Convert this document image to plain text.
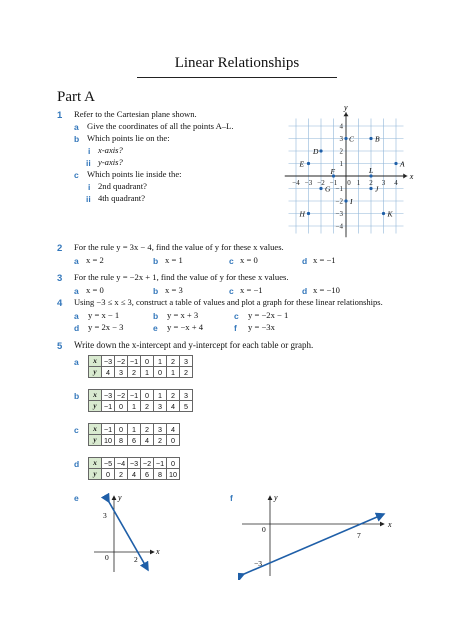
Linear Relationships
Part A
1 Refer to the Cartesian plane shown.
a Give the coordinates of all the points A–L.
b Which points lie on the:
i x-axis?
ii y-axis?
c Which points lie inside the:
i 2nd quadrant?
ii 4th quadrant?
x
y
−4 −3 −2 −1 0 1 2 3 4
4
3
2
1
−1
−2
−3
−4
A
B
C
D
E
F
G
H
I
J
K
L
2 For the rule y = 3x − 4, find the value of y for these x values.
a x = 2	b x = 1	c x = 0	d x = −1
3 For the rule y = −2x + 1, find the value of y for these x values.
a x = 0	b x = 3	c x = −1	d x = −10
4 Using −3 ≤ x ≤ 3, construct a table of values and plot a graph for these linear relationships.
a y = x − 1	b y = x + 3	c y = −2x − 1
d y = 2x − 3	e y = −x + 4	f y = −3x
5 Write down the x-intercept and y-intercept for each table or graph.
a x	−3	−2	−1	0	1	2	3
y	4	3	2	1	0	1	2
b x	−3	−2	−1	0	1	2	3
y	−1	0	1	2	3	4	5
c x	−1	0	1	2	3	4
y	10	8	6	4	2	0
d x	−5	−4	−3	−2	−1	0
y	0	2	4	6	8	10
e	y
x
3
2
0
f	y
x
−3
7
0
